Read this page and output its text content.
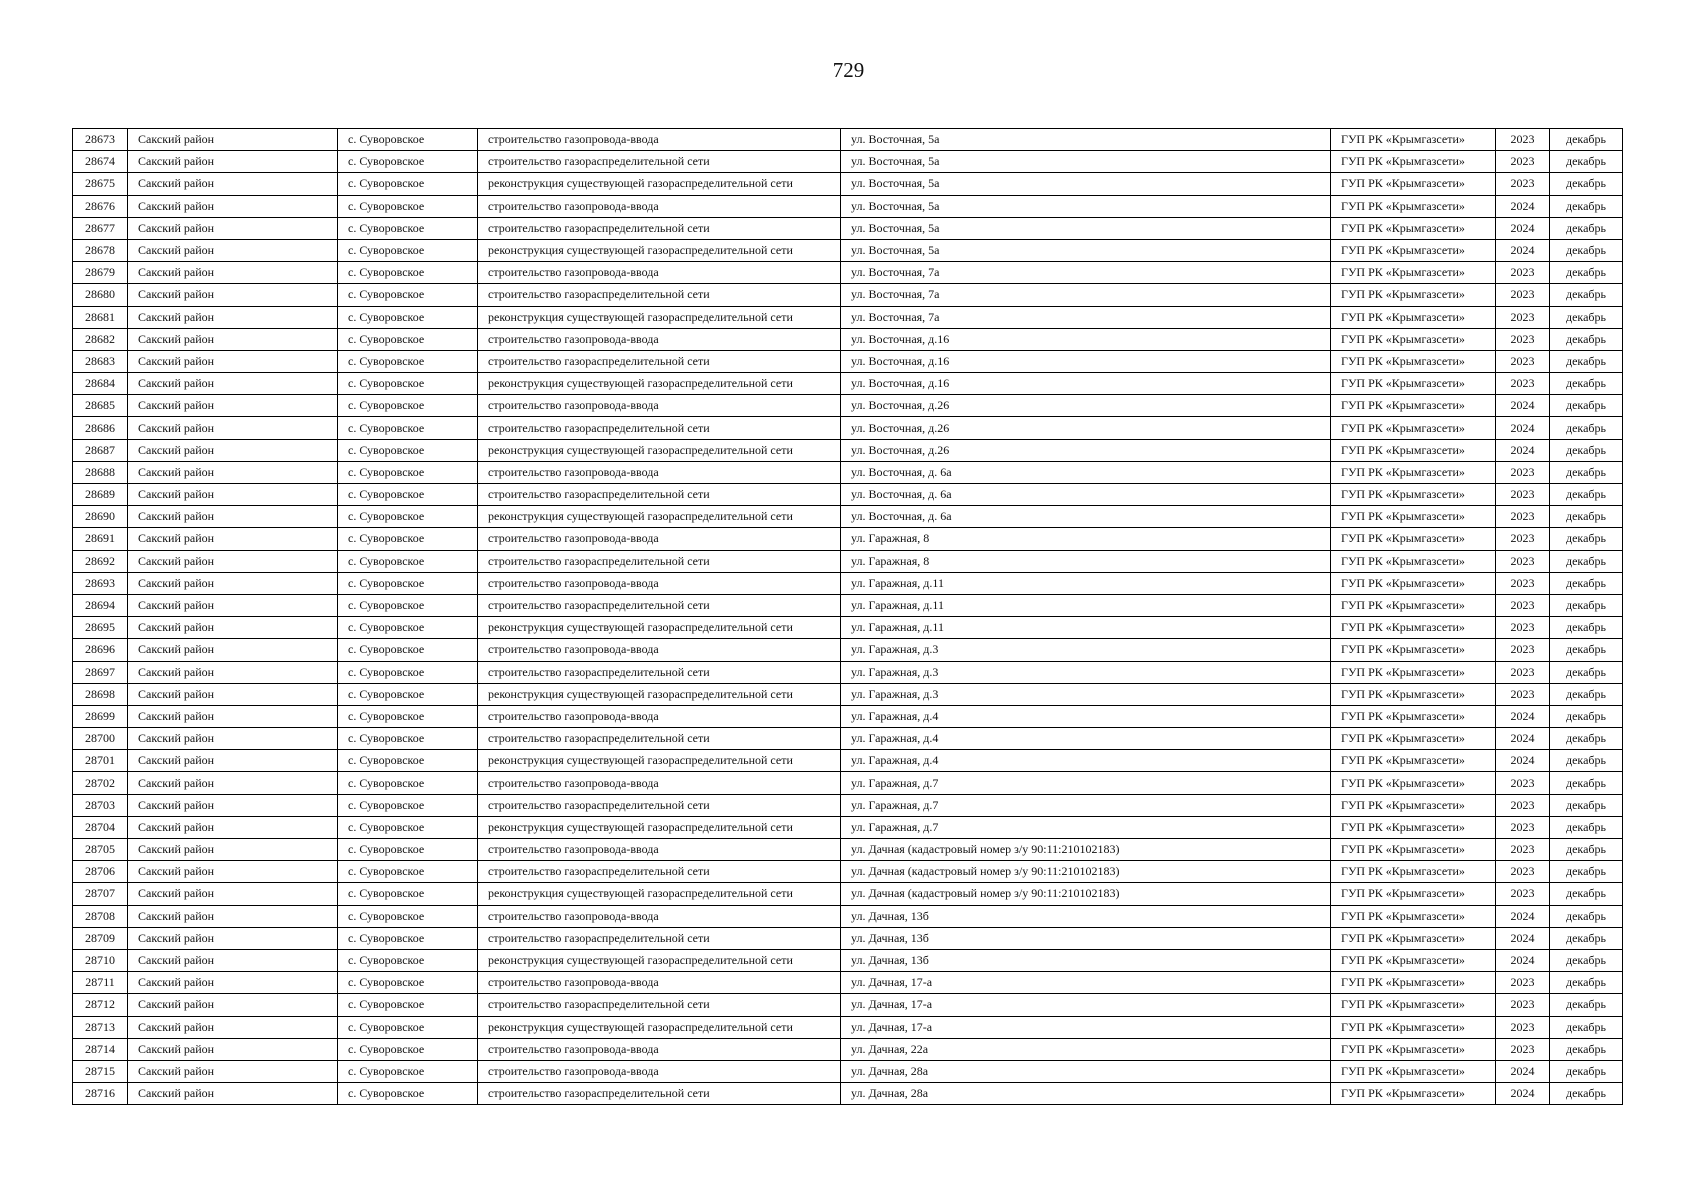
729
28673	Сакский район	с. Суворовское	строительство газопровода-ввода	ул. Восточная, 5а	ГУП РК «Крымгазсети»	2023	декабрь
28674	Сакский район	с. Суворовское	строительство газораспределительной сети	ул. Восточная, 5а	ГУП РК «Крымгазсети»	2023	декабрь
28675	Сакский район	с. Суворовское	реконструкция существующей газораспределительной сети	ул. Восточная, 5а	ГУП РК «Крымгазсети»	2023	декабрь
28676	Сакский район	с. Суворовское	строительство газопровода-ввода	ул. Восточная, 5а	ГУП РК «Крымгазсети»	2024	декабрь
28677	Сакский район	с. Суворовское	строительство газораспределительной сети	ул. Восточная, 5а	ГУП РК «Крымгазсети»	2024	декабрь
28678	Сакский район	с. Суворовское	реконструкция существующей газораспределительной сети	ул. Восточная, 5а	ГУП РК «Крымгазсети»	2024	декабрь
28679	Сакский район	с. Суворовское	строительство газопровода-ввода	ул. Восточная, 7а	ГУП РК «Крымгазсети»	2023	декабрь
28680	Сакский район	с. Суворовское	строительство газораспределительной сети	ул. Восточная, 7а	ГУП РК «Крымгазсети»	2023	декабрь
28681	Сакский район	с. Суворовское	реконструкция существующей газораспределительной сети	ул. Восточная, 7а	ГУП РК «Крымгазсети»	2023	декабрь
28682	Сакский район	с. Суворовское	строительство газопровода-ввода	ул. Восточная, д.16	ГУП РК «Крымгазсети»	2023	декабрь
28683	Сакский район	с. Суворовское	строительство газораспределительной сети	ул. Восточная, д.16	ГУП РК «Крымгазсети»	2023	декабрь
28684	Сакский район	с. Суворовское	реконструкция существующей газораспределительной сети	ул. Восточная, д.16	ГУП РК «Крымгазсети»	2023	декабрь
28685	Сакский район	с. Суворовское	строительство газопровода-ввода	ул. Восточная, д.26	ГУП РК «Крымгазсети»	2024	декабрь
28686	Сакский район	с. Суворовское	строительство газораспределительной сети	ул. Восточная, д.26	ГУП РК «Крымгазсети»	2024	декабрь
28687	Сакский район	с. Суворовское	реконструкция существующей газораспределительной сети	ул. Восточная, д.26	ГУП РК «Крымгазсети»	2024	декабрь
28688	Сакский район	с. Суворовское	строительство газопровода-ввода	ул. Восточная, д. 6а	ГУП РК «Крымгазсети»	2023	декабрь
28689	Сакский район	с. Суворовское	строительство газораспределительной сети	ул. Восточная, д. 6а	ГУП РК «Крымгазсети»	2023	декабрь
28690	Сакский район	с. Суворовское	реконструкция существующей газораспределительной сети	ул. Восточная, д. 6а	ГУП РК «Крымгазсети»	2023	декабрь
28691	Сакский район	с. Суворовское	строительство газопровода-ввода	ул. Гаражная, 8	ГУП РК «Крымгазсети»	2023	декабрь
28692	Сакский район	с. Суворовское	строительство газораспределительной сети	ул. Гаражная, 8	ГУП РК «Крымгазсети»	2023	декабрь
28693	Сакский район	с. Суворовское	строительство газопровода-ввода	ул. Гаражная, д.11	ГУП РК «Крымгазсети»	2023	декабрь
28694	Сакский район	с. Суворовское	строительство газораспределительной сети	ул. Гаражная, д.11	ГУП РК «Крымгазсети»	2023	декабрь
28695	Сакский район	с. Суворовское	реконструкция существующей газораспределительной сети	ул. Гаражная, д.11	ГУП РК «Крымгазсети»	2023	декабрь
28696	Сакский район	с. Суворовское	строительство газопровода-ввода	ул. Гаражная, д.3	ГУП РК «Крымгазсети»	2023	декабрь
28697	Сакский район	с. Суворовское	строительство газораспределительной сети	ул. Гаражная, д.3	ГУП РК «Крымгазсети»	2023	декабрь
28698	Сакский район	с. Суворовское	реконструкция существующей газораспределительной сети	ул. Гаражная, д.3	ГУП РК «Крымгазсети»	2023	декабрь
28699	Сакский район	с. Суворовское	строительство газопровода-ввода	ул. Гаражная, д.4	ГУП РК «Крымгазсети»	2024	декабрь
28700	Сакский район	с. Суворовское	строительство газораспределительной сети	ул. Гаражная, д.4	ГУП РК «Крымгазсети»	2024	декабрь
28701	Сакский район	с. Суворовское	реконструкция существующей газораспределительной сети	ул. Гаражная, д.4	ГУП РК «Крымгазсети»	2024	декабрь
28702	Сакский район	с. Суворовское	строительство газопровода-ввода	ул. Гаражная, д.7	ГУП РК «Крымгазсети»	2023	декабрь
28703	Сакский район	с. Суворовское	строительство газораспределительной сети	ул. Гаражная, д.7	ГУП РК «Крымгазсети»	2023	декабрь
28704	Сакский район	с. Суворовское	реконструкция существующей газораспределительной сети	ул. Гаражная, д.7	ГУП РК «Крымгазсети»	2023	декабрь
28705	Сакский район	с. Суворовское	строительство газопровода-ввода	ул. Дачная (кадастровый номер з/у 90:11:210102183)	ГУП РК «Крымгазсети»	2023	декабрь
28706	Сакский район	с. Суворовское	строительство газораспределительной сети	ул. Дачная (кадастровый номер з/у 90:11:210102183)	ГУП РК «Крымгазсети»	2023	декабрь
28707	Сакский район	с. Суворовское	реконструкция существующей газораспределительной сети	ул. Дачная (кадастровый номер з/у 90:11:210102183)	ГУП РК «Крымгазсети»	2023	декабрь
28708	Сакский район	с. Суворовское	строительство газопровода-ввода	ул. Дачная, 13б	ГУП РК «Крымгазсети»	2024	декабрь
28709	Сакский район	с. Суворовское	строительство газораспределительной сети	ул. Дачная, 13б	ГУП РК «Крымгазсети»	2024	декабрь
28710	Сакский район	с. Суворовское	реконструкция существующей газораспределительной сети	ул. Дачная, 13б	ГУП РК «Крымгазсети»	2024	декабрь
28711	Сакский район	с. Суворовское	строительство газопровода-ввода	ул. Дачная, 17-а	ГУП РК «Крымгазсети»	2023	декабрь
28712	Сакский район	с. Суворовское	строительство газораспределительной сети	ул. Дачная, 17-а	ГУП РК «Крымгазсети»	2023	декабрь
28713	Сакский район	с. Суворовское	реконструкция существующей газораспределительной сети	ул. Дачная, 17-а	ГУП РК «Крымгазсети»	2023	декабрь
28714	Сакский район	с. Суворовское	строительство газопровода-ввода	ул. Дачная, 22а	ГУП РК «Крымгазсети»	2023	декабрь
28715	Сакский район	с. Суворовское	строительство газопровода-ввода	ул. Дачная, 28а	ГУП РК «Крымгазсети»	2024	декабрь
28716	Сакский район	с. Суворовское	строительство газораспределительной сети	ул. Дачная, 28а	ГУП РК «Крымгазсети»	2024	декабрь
